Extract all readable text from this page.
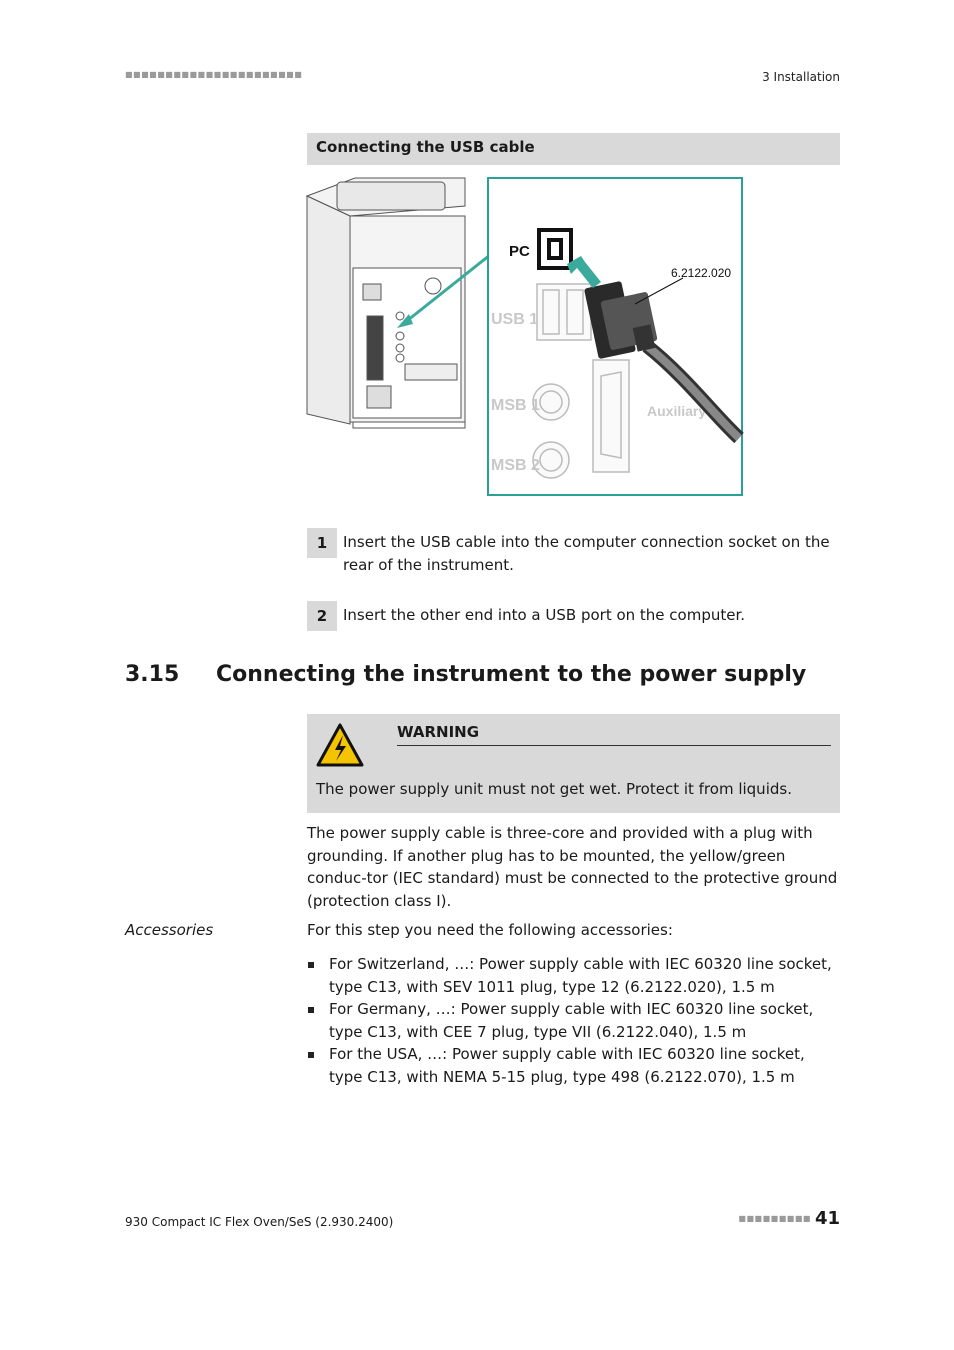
■■■■■■■■■■■■■■■■■■■■■■	3 Installation
Connecting the USB cable
PC
USB 1
MSB 1
MSB 2
Auxiliary
6.2122.020
1	Insert the USB cable into the computer connection socket on the rear of the instrument.
2	Insert the other end into a USB port on the computer.
3.15 Connecting the instrument to the power supply
WARNING
The power supply unit must not get wet. Protect it from liquids.
The power supply cable is three-core and provided with a plug with grounding. If another plug has to be mounted, the yellow/green conduc-tor (IEC standard) must be connected to the protective ground (protection class I).
Accessories	For this step you need the following accessories:
For Switzerland, …: Power supply cable with IEC 60320 line socket, type C13, with SEV 1011 plug, type 12 (6.2122.020), 1.5 m
For Germany, …: Power supply cable with IEC 60320 line socket, type C13, with CEE 7 plug, type VII (6.2122.040), 1.5 m
For the USA, …: Power supply cable with IEC 60320 line socket, type C13, with NEMA 5-15 plug, type 498 (6.2122.070), 1.5 m
930 Compact IC Flex Oven/SeS (2.930.2400)	■■■■■■■■■ 41
